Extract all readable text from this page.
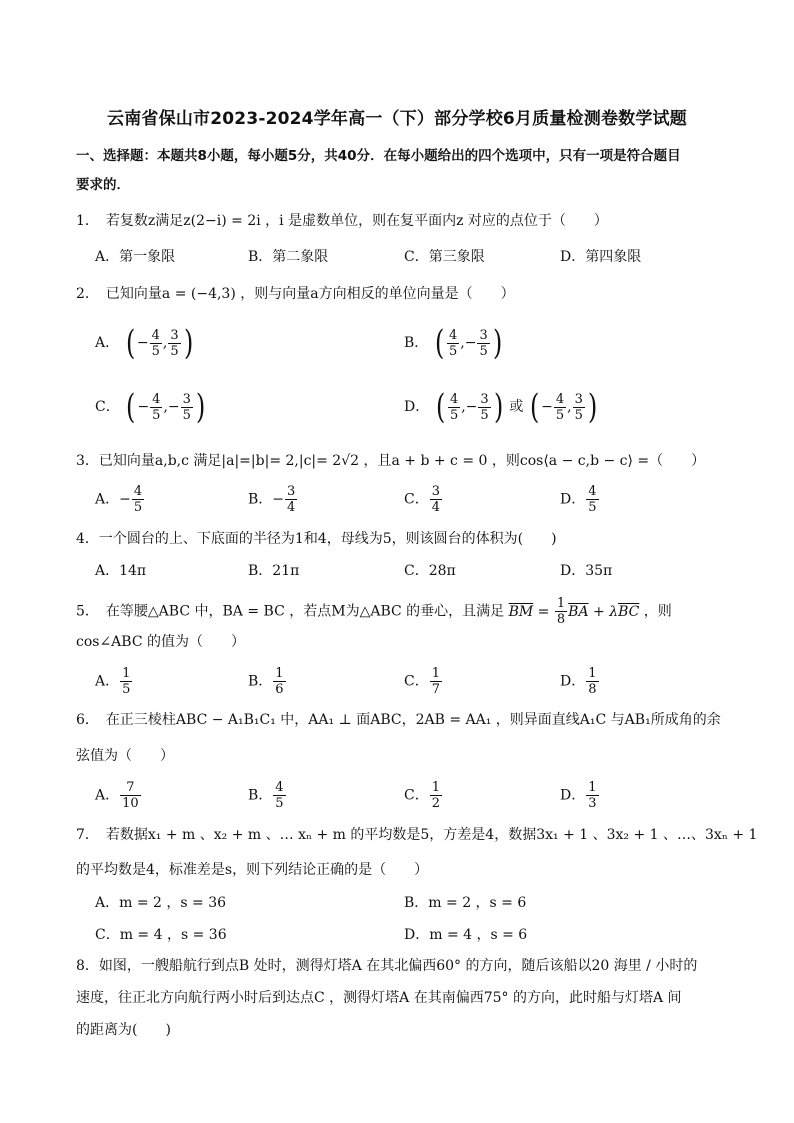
云南省保山市2023-2024学年高一（下）部分学校6月质量检测卷数学试题
一、选择题：本题共8小题，每小题5分，共40分．在每小题给出的四个选项中，只有一项是符合题目
要求的．
1．　若复数z满足z(2−i) = 2i ，i 是虚数单位，则在复平面内z 对应的点位于（　　）
A．第一象限	B．第二象限	C．第三象限	D．第四象限
2．　已知向量a = (−4,3) ，则与向量a方向相反的单位向量是（　　）
A． ( − $\frac{4}{5}$ , $\frac{3}{5}$ )	B． ( $\frac{4}{5}$ ,− $\frac{3}{5}$ )
C． ( − $\frac{4}{5}$ ,− $\frac{3}{5}$ )	D． ( $\frac{4}{5}$ ,− $\frac{3}{5}$ ) 或 ( − $\frac{4}{5}$ , $\frac{3}{5}$ )
3．已知向量a,b,c 满足|a|=|b|= 2,|c|= 2√2 ，且a + b + c = 0 ，则cos⟨a − c,b − c⟩ =（　　）
A．− $\frac{4}{5}$	B．− $\frac{3}{4}$	C． $\frac{3}{4}$	D． $\frac{4}{5}$
4．一个圆台的上、下底面的半径为1和4，母线为5，则该圆台的体积为(　　)
A．14π	B．21π	C．28π	D．35π
5．　在等腰△ABC 中，BA = BC ，若点M为△ABC 的垂心，且满足 $\overline{BM} = \frac{1}{8} \overline{BA} + \lambda\overline{BC}$ ，则
cos∠ABC 的值为（　　）
A． $\frac{1}{5}$	B． $\frac{1}{6}$	C． $\frac{1}{7}$	D． $\frac{1}{8}$
6．　在正三棱柱ABC − A₁B₁C₁ 中，AA₁ ⊥ 面ABC，2AB = AA₁ ，则异面直线A₁C 与AB₁所成角的余
弦值为（　　）
A． $\frac{7}{10}$	B． $\frac{4}{5}$	C． $\frac{1}{2}$	D． $\frac{1}{3}$
7．　若数据x₁ + m 、x₂ + m 、… xₙ + m 的平均数是5，方差是4，数据3x₁ + 1 、3x₂ + 1 、…、3xₙ + 1
的平均数是4，标准差是s，则下列结论正确的是（　　）
A．m = 2 ，s = 36	B．m = 2 ，s = 6
C．m = 4 ，s = 36	D．m = 4 ，s = 6
8．如图，一艘船航行到点B 处时，测得灯塔A 在其北偏西60° 的方向，随后该船以20 海里 / 小时的
速度，往正北方向航行两小时后到达点C ，测得灯塔A 在其南偏西75° 的方向，此时船与灯塔A 间
的距离为(　　)
